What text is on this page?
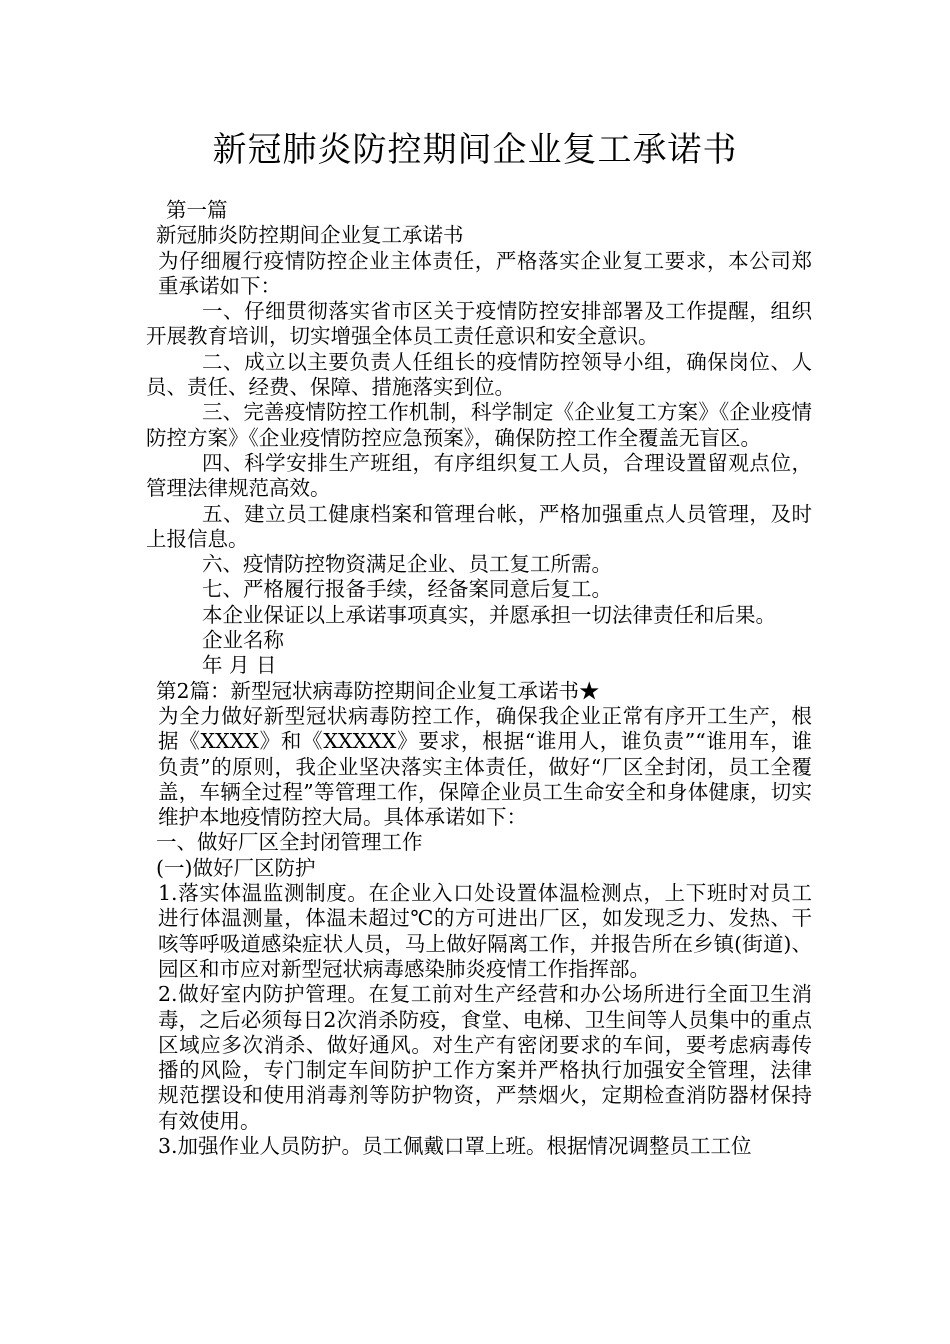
新冠肺炎防控期间企业复工承诺书

第一篇

新冠肺炎防控期间企业复工承诺书

为仔细履行疫情防控企业主体责任，严格落实企业复工要求，本公司郑重承诺如下：

一、仔细贯彻落实省市区关于疫情防控安排部署及工作提醒，组织开展教育培训，切实增强全体员工责任意识和安全意识。

二、成立以主要负责人任组长的疫情防控领导小组，确保岗位、人员、责任、经费、保障、措施落实到位。

三、完善疫情防控工作机制，科学制定《企业复工方案》《企业疫情防控方案》《企业疫情防控应急预案》，确保防控工作全覆盖无盲区。

四、科学安排生产班组，有序组织复工人员，合理设置留观点位，管理法律规范高效。

五、建立员工健康档案和管理台帐，严格加强重点人员管理，及时上报信息。

六、疫情防控物资满足企业、员工复工所需。

七、严格履行报备手续，经备案同意后复工。

本企业保证以上承诺事项真实，并愿承担一切法律责任和后果。

企业名称

年 月 日

第2篇：新型冠状病毒防控期间企业复工承诺书★

为全力做好新型冠状病毒防控工作，确保我企业正常有序开工生产，根据《XXXX》和《XXXXX》要求，根据“谁用人，谁负责”“谁用车，谁负责”的原则，我企业坚决落实主体责任，做好“厂区全封闭，员工全覆盖，车辆全过程”等管理工作，保障企业员工生命安全和身体健康，切实维护本地疫情防控大局。具体承诺如下：

一、做好厂区全封闭管理工作

(一)做好厂区防护

1.落实体温监测制度。在企业入口处设置体温检测点，上下班时对员工进行体温测量，体温未超过℃的方可进出厂区，如发现乏力、发热、干咳等呼吸道感染症状人员，马上做好隔离工作，并报告所在乡镇(街道)、园区和市应对新型冠状病毒感染肺炎疫情工作指挥部。

2.做好室内防护管理。在复工前对生产经营和办公场所进行全面卫生消毒，之后必须每日2次消杀防疫，食堂、电梯、卫生间等人员集中的重点区域应多次消杀、做好通风。对生产有密闭要求的车间，要考虑病毒传播的风险，专门制定车间防护工作方案并严格执行加强安全管理，法律规范摆设和使用消毒剂等防护物资，严禁烟火，定期检查消防器材保持有效使用。

3.加强作业人员防护。员工佩戴口罩上班。根据情况调整员工工位
